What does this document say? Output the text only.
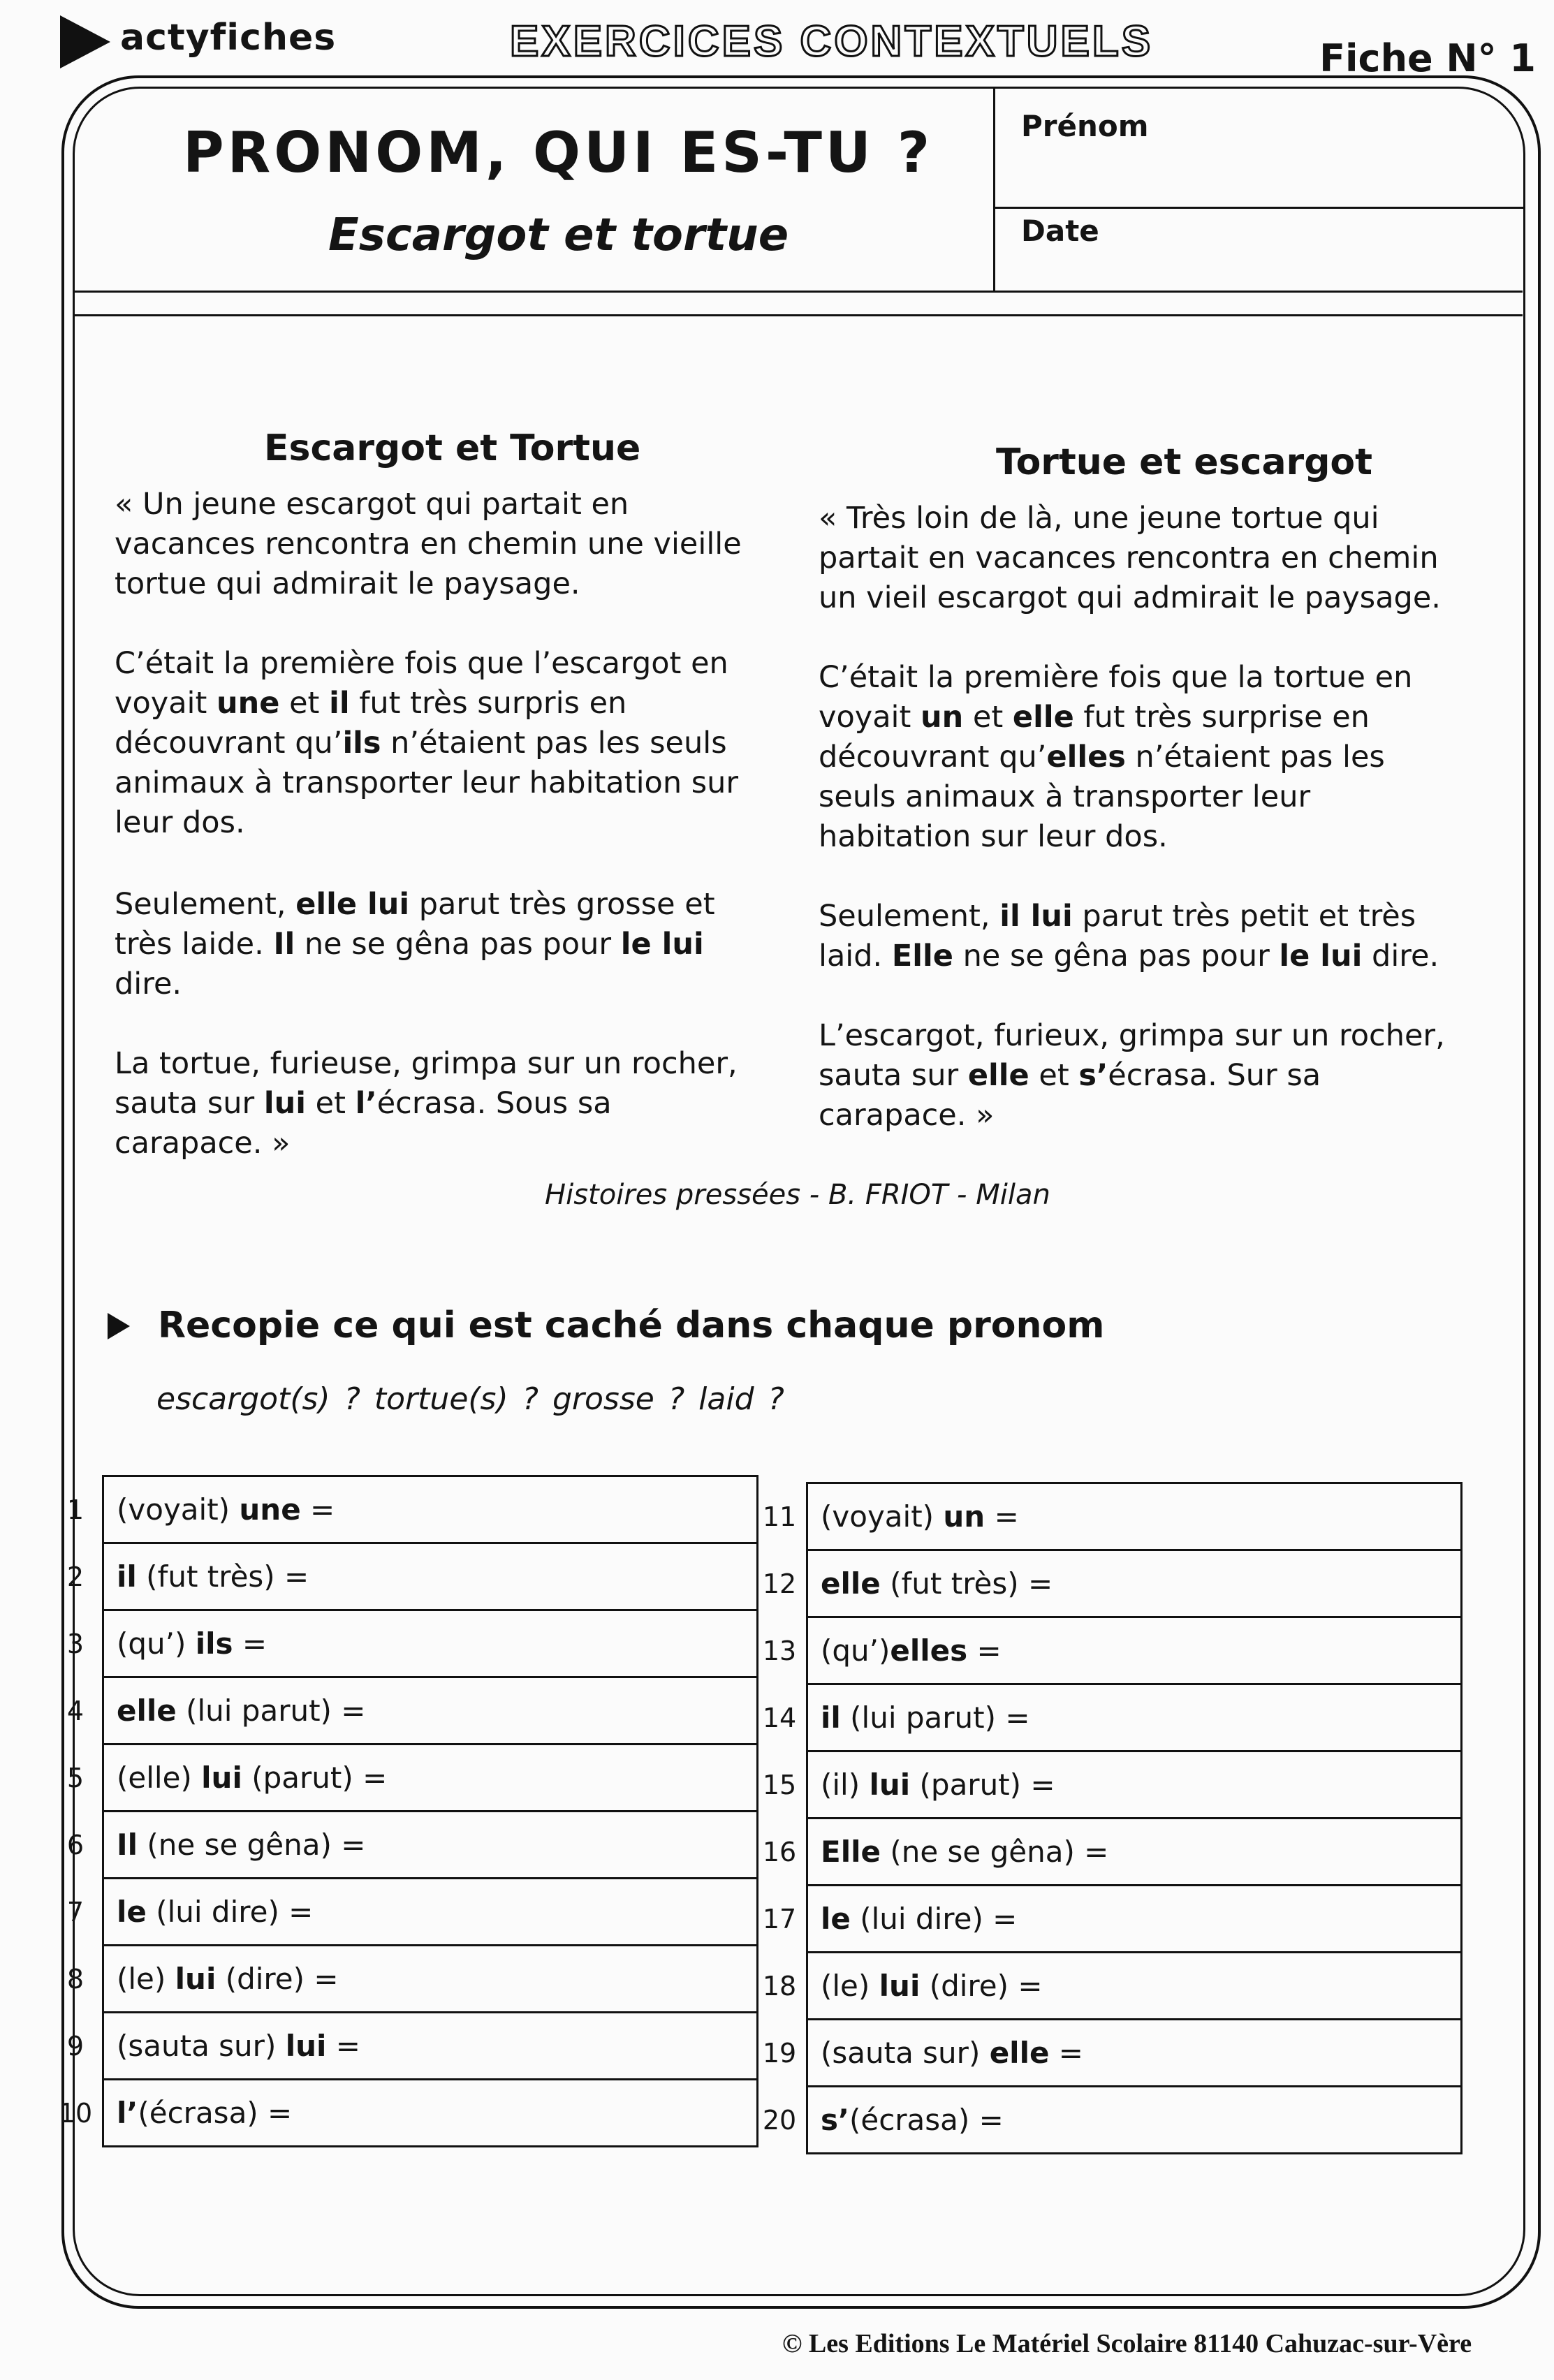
actyfiches	EXERCICES CONTEXTUELS	Fiche N° 1
PRONOM, QUI ES-TU ?
Escargot et tortue
Prénom
Date
Escargot et Tortue

« Un jeune escargot qui partait en vacances rencontra en chemin une vieille tortue qui admirait le paysage.

C’était la première fois que l’escargot en voyait une et il fut très surpris en découvrant qu’ils n’étaient pas les seuls animaux à transporter leur habitation sur leur dos.

Seulement, elle lui parut très grosse et très laide. Il ne se gêna pas pour le lui dire.

La tortue, furieuse, grimpa sur un rocher, sauta sur lui et l’écrasa. Sous sa carapace. »

Tortue et escargot

« Très loin de là, une jeune tortue qui partait en vacances rencontra en chemin un vieil escargot qui admirait le paysage.

C’était la première fois que la tortue en voyait un et elle fut très surprise en découvrant qu’elles n’étaient pas les seuls animaux à transporter leur habitation sur leur dos.

Seulement, il lui parut très petit et très laid. Elle ne se gêna pas pour le lui dire.

L’escargot, furieux, grimpa sur un rocher, sauta sur elle et s’écrasa. Sur sa carapace. »

Histoires pressées - B. FRIOT - Milan
Recopie ce qui est caché dans chaque pronom
escargot(s) ? tortue(s) ? grosse ? laid ?
1	(voyait) une =
2	il (fut très) =
3	(qu’) ils =
4	elle (lui parut) =
5	(elle) lui (parut) =
6	Il (ne se gêna) =
7	le (lui dire) =
8	(le) lui (dire) =
9	(sauta sur) lui =
10	l’(écrasa) =
11	(voyait) un =
12	elle (fut très) =
13	(qu’)elles =
14	il (lui parut) =
15	(il) lui (parut) =
16	Elle (ne se gêna) =
17	le (lui dire) =
18	(le) lui (dire) =
19	(sauta sur) elle =
20	s’(écrasa) =
© Les Editions Le Matériel Scolaire 81140 Cahuzac-sur-Vère
